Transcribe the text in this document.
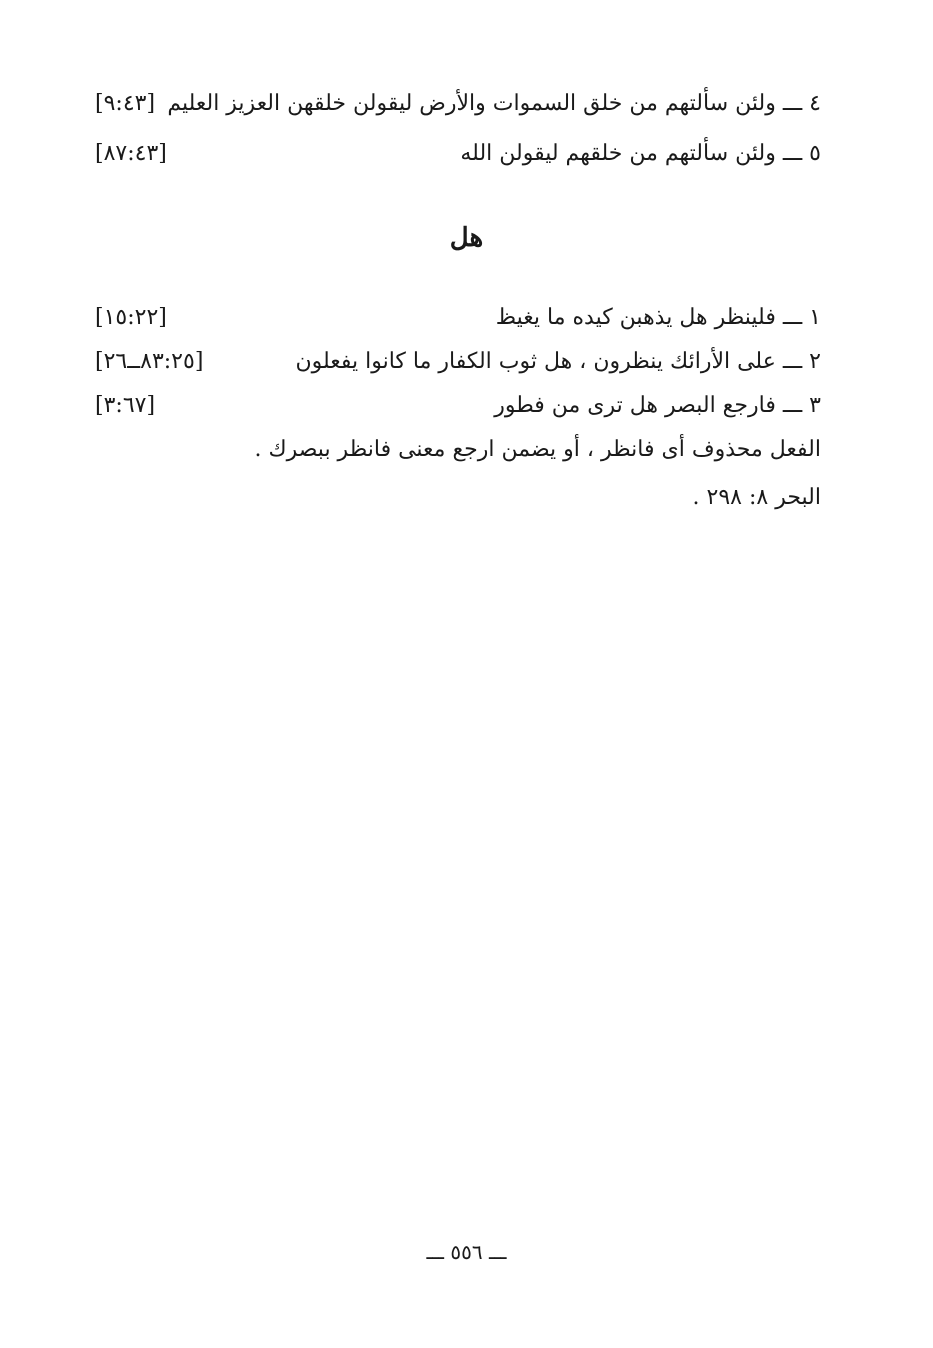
٤ ـــ ولئن سألتهم من خلق السموات والأرض ليقولن خلقهن العزيز العليم
[٩:٤٣]
٥ ـــ ولئن سألتهم من خلقهم ليقولن الله
[٨٧:٤٣]
هل
١ ـــ فلينظر هل يذهبن كيده ما يغيظ
[١٥:٢٢]
٢ ـــ على الأرائك ينظرون ، هل ثوب الكفار ما كانوا يفعلون
[٨٣:٢٥ــ٢٦]
٣ ـــ فارجع البصر هل ترى من فطور
[٣:٦٧]
الفعل محذوف أى فانظر ، أو يضمن ارجع معنى فانظر ببصرك .
البحر ٨: ٢٩٨ .
ـــ ٥٥٦ ـــ
